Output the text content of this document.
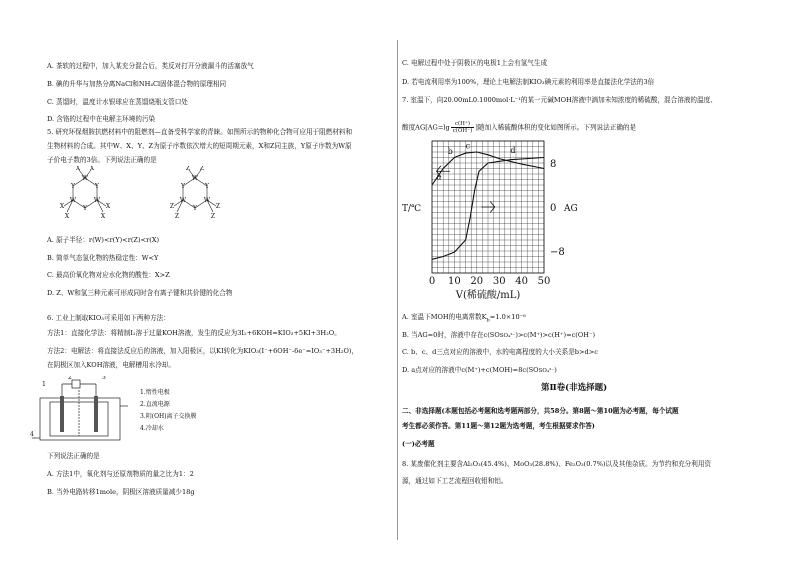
A. 茶软的过程中，加入某充分混合后，类反对打开分液漏斗的活塞放气
B. 碘的升华与加热分离NaCl和NH₄Cl固体混合物的原理相同
C. 蒸馏时，温度计水银球应在蒸馏烧瓶支管口处
D. 含铬的过程中在电解主环境的污染
5. 研究环保烟胺抗燃材料中的阻燃剂—直备受科学家的青睐。如图所示的物种化合物可应用于阻燃材料和
生物材料的合成。其中W、X、Y、Z为原子序数依次增大的短周期元素，X和Z同主族，Y原子序数为W原
子价电子数的3倍。下列说法正确的是
A. 原子半径：r(W)<r(Y)<r(Z)<r(X)
B. 简单气态氢化物的热稳定性：W<Y
C. 最高价氧化物对应水化物的酸性：X>Z
D. Z、W和氢三种元素可形成同时含有离子键和共价键的化合物
6. 工业上制取KIO₃可采用如下两种方法：
方法1：直接化学法：将精制I₂溶于过量KOH溶液，发生的反应为3I₂+6KOH=KIO₃+5KI+3H₂O。
方法2：电解法：将直接法反应后的溶液，加入阳极区，以KI转化为KIO₃(I⁻+6OH⁻-6e⁻=IO₃⁻+3H₂O)，
在阴极区加入KOH溶液，电解槽用水冷却。
下列说法正确的是
A. 方法1中，氧化剂与还原剂物质的量之比为1：2
B. 当外电路转移1mole，阴极区溶液质量减少18g
W
Y
W
Y
W
Y
X X
X
X
X
X
W
Y
W
Y
W
Y
Z Z
Z
Z
Z
Z
1
2	3
4
1.惰性电极
2.直流电源
3.阴(OH)离子交换膜
4.冷却水
C. 电解过程中处于阴极区的电极1上会有氢气生成
D. 若电流利用率为100%，理论上电解法制KIO₃碘元素的利用率是直接法化学法的3倍
7. 室温下，向20.00mL0.1000mol·L⁻¹的某一元碱MOH溶液中滴加未知浓度的稀硫酸，混合溶液的温度、
酸度$AG[AG=\lg \frac{c(H^+)}{c(OH^-)}$ ]随加入稀硫酸体积的变化如图所示。下列说法正确的是
0 10 20 30 40 50
8
0
−8
V(稀硫酸/mL)
T/℃	AG
a
b
c	d
A. 室温下MOH的电离常数$K_b=1.0\times 10^{-6}$
B. 当AG=0时，溶液中存在c(SOSO₄²⁻)>c(M⁺)>c(H⁺)=c(OH⁻)
C. b、c、d三点对应的溶液中，水的电离程度的大小关系是b>d>c
D. a点对应的溶液中c(M⁺)+c(MOH)=8c(SOSO₄²⁻)
第Ⅱ卷(非选择题)
二、非选择题(本题包括必考题和选考题两部分，共58分。第8题～第10题为必考题，每个试题
考生都必须作答。第11题～第12题为选考题，考生根据要求作答)
(一)必考题
8. 某废催化剂主要含Al₂O₃(45.4%)、MoO₃(28.8%)、Fe₂O₃(0.7%)以及其他杂质。为节约和充分利用资
源，通过如下工艺流程回收钼和铝。
